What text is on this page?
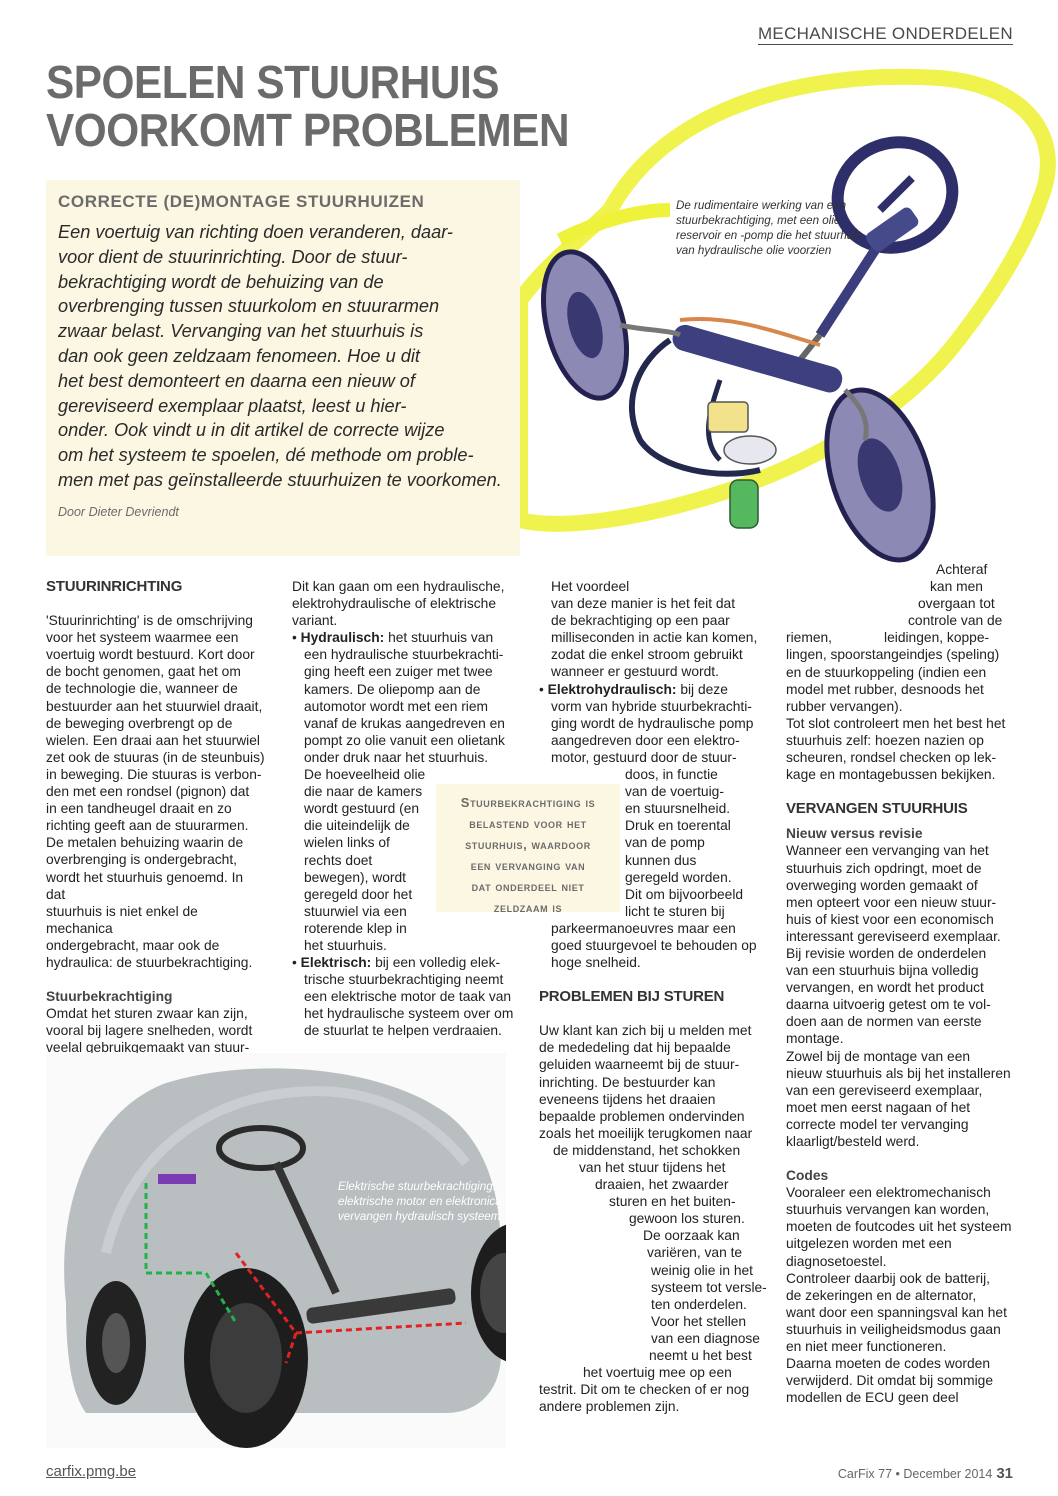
MECHANISCHE ONDERDELEN
SPOELEN STUURHUIS
VOORKOMT PROBLEMEN
De rudimentaire werking van een
stuurbekrachtiging, met een olie-
reservoir en -pomp die het stuurhuis
van hydraulische olie voorzien
CORRECTE (DE)MONTAGE STUURHUIZEN
Een voertuig van richting doen veranderen, daar-
voor dient de stuurinrichting. Door de stuur-
bekrachtiging wordt de behuizing van de
overbrenging tussen stuurkolom en stuurarmen
zwaar belast. Vervanging van het stuurhuis is
dan ook geen zeldzaam fenomeen. Hoe u dit
het best demonteert en daarna een nieuw of
gereviseerd exemplaar plaatst, leest u hier-
onder. Ook vindt u in dit artikel de correcte wijze
om het systeem te spoelen, dé methode om proble-
men met pas geïnstalleerde stuurhuizen te voorkomen.
Door Dieter Devriendt

STUURINRICHTING

'Stuurinrichting' is de omschrijving

voor het systeem waarmee een

voertuig wordt bestuurd. Kort door

de bocht genomen, gaat het om

de technologie die, wanneer de

bestuurder aan het stuurwiel draait,

de beweging overbrengt op de

wielen. Een draai aan het stuurwiel

zet ook de stuuras (in de steunbuis)

in beweging. Die stuuras is verbon-

den met een rondsel (pignon) dat

in een tandheugel draait en zo

richting geeft aan de stuurarmen.

De metalen behuizing waarin de

overbrenging is ondergebracht,

wordt het stuurhuis genoemd. In dat

stuurhuis is niet enkel de mechanica

ondergebracht, maar ook de

hydraulica: de stuurbekrachtiging.

Stuurbekrachtiging

Omdat het sturen zwaar kan zijn,

vooral bij lagere snelheden, wordt

veelal gebruikgemaakt van stuur-

bekrachtiging.

Dit kan gaan om een hydraulische,

elektrohydraulische of elektrische

variant.

• Hydraulisch: het stuurhuis van

een hydraulische stuurbekrachti-

ging heeft een zuiger met twee

kamers. De oliepomp aan de

automotor wordt met een riem

vanaf de krukas aangedreven en

pompt zo olie vanuit een olietank

onder druk naar het stuurhuis.

De hoeveelheid olie

die naar de kamers

wordt gestuurd (en

die uiteindelijk de

wielen links of

rechts doet

bewegen), wordt

geregeld door het

stuurwiel via een

roterende klep in

het stuurhuis.

• Elektrisch: bij een volledig elek-

trische stuurbekrachtiging neemt

een elektrische motor de taak van

het hydraulische systeem over om

de stuurlat te helpen verdraaien.

Stuurbekrachtiging is
belastend voor het
stuurhuis, waardoor
een vervanging van
dat onderdeel niet
zeldzaam is

Het voordeel

van deze manier is het feit dat

de bekrachtiging op een paar

milliseconden in actie kan komen,

zodat die enkel stroom gebruikt

wanneer er gestuurd wordt.

• Elektrohydraulisch: bij deze

vorm van hybride stuurbekrachti-

ging wordt de hydraulische pomp

aangedreven door een elektro-

motor, gestuurd door de stuur-

doos, in functie

van de voertuig-

en stuursnelheid.

Druk en toerental

van de pomp

kunnen dus

geregeld worden.

Dit om bijvoorbeeld

licht te sturen bij

parkeermanoeuvres maar een

goed stuurgevoel te behouden op

hoge snelheid.

PROBLEMEN BIJ STUREN

Uw klant kan zich bij u melden met

de mededeling dat hij bepaalde

geluiden waarneemt bij de stuur-

inrichting. De bestuurder kan

eveneens tijdens het draaien

bepaalde problemen ondervinden

zoals het moeilijk terugkomen naar

de middenstand, het schokken

van het stuur tijdens het

draaien, het zwaarder

sturen en het buiten-

gewoon los sturen.

De oorzaak kan

variëren, van te

weinig olie in het

systeem tot versle-

ten onderdelen.

Voor het stellen

van een diagnose

neemt u het best

het voertuig mee op een

testrit. Dit om te checken of er nog

andere problemen zijn.

Achteraf

kan men

overgaan tot

controle van de

riemen,	leidingen, koppe-

lingen, spoorstangeindjes (speling)

en de stuurkoppeling (indien een

model met rubber, desnoods het

rubber vervangen).

Tot slot controleert men het best het

stuurhuis zelf: hoezen nazien op

scheuren, rondsel checken op lek-

kage en montagebussen bekijken.

VERVANGEN STUURHUIS

Nieuw versus revisie

Wanneer een vervanging van het

stuurhuis zich opdringt, moet de

overweging worden gemaakt of

men opteert voor een nieuw stuur-

huis of kiest voor een economisch

interessant gereviseerd exemplaar.

Bij revisie worden de onderdelen

van een stuurhuis bijna volledig

vervangen, en wordt het product

daarna uitvoerig getest om te vol-

doen aan de normen van eerste

montage.

Zowel bij de montage van een

nieuw stuurhuis als bij het installeren

van een gereviseerd exemplaar,

moet men eerst nagaan of het

correcte model ter vervanging

klaarligt/besteld werd.

Codes

Vooraleer een elektromechanisch

stuurhuis vervangen kan worden,

moeten de foutcodes uit het systeem

uitgelezen worden met een

diagnosetoestel.

Controleer daarbij ook de batterij,

de zekeringen en de alternator,

want door een spanningsval kan het

stuurhuis in veiligheidsmodus gaan

en niet meer functioneren.

Daarna moeten de codes worden

verwijderd. Dit omdat bij sommige

modellen de ECU geen deel

Elektrische stuurbekrachtiging:
elektrische motor en elektronica
vervangen hydraulisch systeem
carfix.pmg.be	CarFix 77 • December 2014 31
